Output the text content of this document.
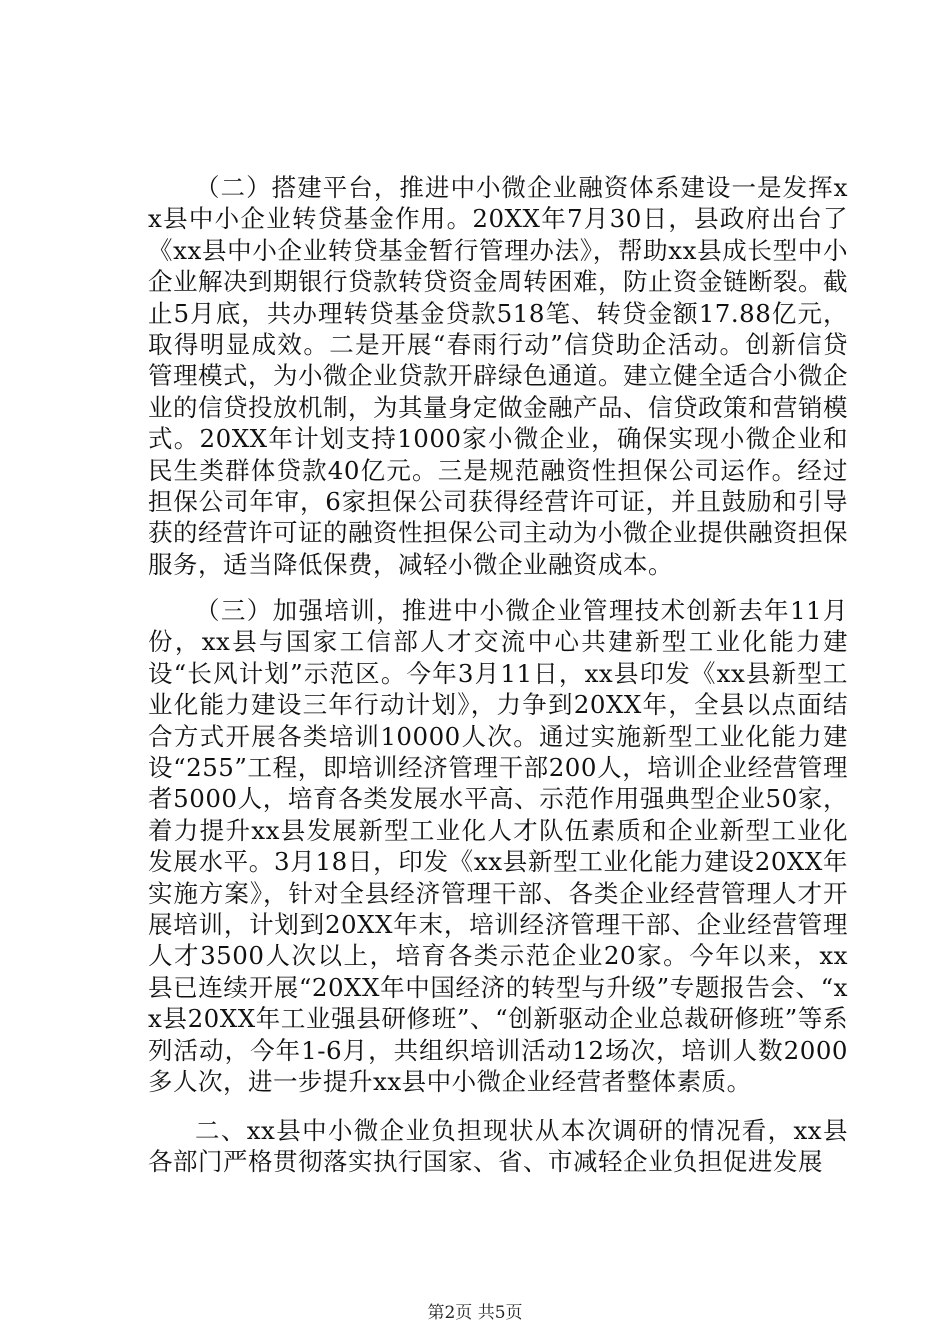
（二）搭建平台，推进中小微企业融资体系建设一是发挥xx县中小企业转贷基金作用。20XX年7月30日，县政府出台了《xx县中小企业转贷基金暂行管理办法》，帮助xx县成长型中小企业解决到期银行贷款转贷资金周转困难，防止资金链断裂。截止5月底，共办理转贷基金贷款518笔、转贷金额17.88亿元，取得明显成效。二是开展“春雨行动”信贷助企活动。创新信贷管理模式，为小微企业贷款开辟绿色通道。建立健全适合小微企业的信贷投放机制，为其量身定做金融产品、信贷政策和营销模式。20XX年计划支持1000家小微企业，确保实现小微企业和民生类群体贷款40亿元。三是规范融资性担保公司运作。经过担保公司年审，6家担保公司获得经营许可证，并且鼓励和引导获的经营许可证的融资性担保公司主动为小微企业提供融资担保服务，适当降低保费，减轻小微企业融资成本。

（三）加强培训，推进中小微企业管理技术创新去年11月份，xx县与国家工信部人才交流中心共建新型工业化能力建设“长风计划”示范区。今年3月11日，xx县印发《xx县新型工业化能力建设三年行动计划》，力争到20XX年，全县以点面结合方式开展各类培训10000人次。通过实施新型工业化能力建设“255”工程，即培训经济管理干部200人，培训企业经营管理者5000人，培育各类发展水平高、示范作用强典型企业50家，着力提升xx县发展新型工业化人才队伍素质和企业新型工业化发展水平。3月18日，印发《xx县新型工业化能力建设20XX年实施方案》，针对全县经济管理干部、各类企业经营管理人才开展培训，计划到20XX年末，培训经济管理干部、企业经营管理人才3500人次以上，培育各类示范企业20家。今年以来，xx县已连续开展“20XX年中国经济的转型与升级”专题报告会、“xx县20XX年工业强县研修班”、“创新驱动企业总裁研修班”等系列活动，今年1-6月，共组织培训活动12场次，培训人数2000多人次，进一步提升xx县中小微企业经营者整体素质。

二、xx县中小微企业负担现状从本次调研的情况看，xx县各部门严格贯彻落实执行国家、省、市减轻企业负担促进发展

第2页 共5页
